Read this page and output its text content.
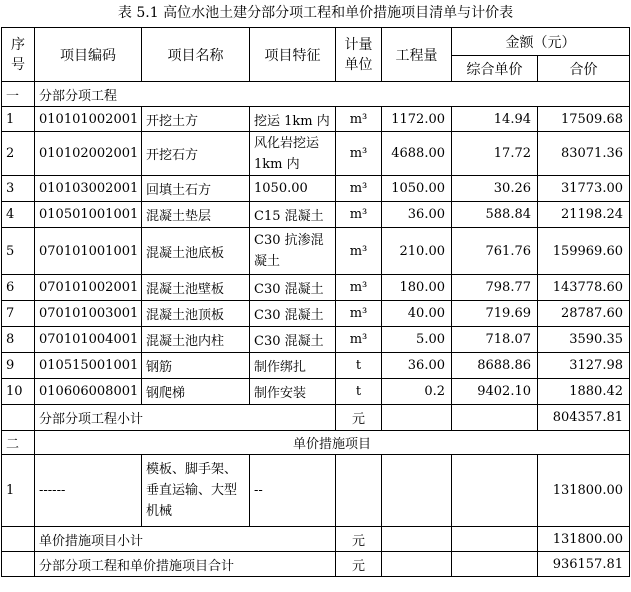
表 5.1 高位水池土建分部分项工程和单价措施项目清单与计价表
序号	项目编码	项目名称	项目特征	计量单位	工程量	金额（元）	
						综合单价	合价
一	分部分项工程						
1	010101002001	开挖土方	挖运 1km 内	m³	1172.00	14.94	17509.68
2	010102002001	开挖石方	风化岩挖运 1km 内	m³	4688.00	17.72	83071.36
3	010103002001	回填土石方	1050.00	m³	1050.00	30.26	31773.00
4	010501001001	混凝土垫层	C15 混凝土	m³	36.00	588.84	21198.24
5	070101001001	混凝土池底板	C30 抗渗混凝土	m³	210.00	761.76	159969.60
6	070101002001	混凝土池壁板	C30 混凝土	m³	180.00	798.77	143778.60
7	070101003001	混凝土池顶板	C30 混凝土	m³	40.00	719.69	28787.60
8	070101004001	混凝土池内柱	C30 混凝土	m³	5.00	718.07	3590.35
9	010515001001	钢筋	制作绑扎	t	36.00	8688.86	3127.98
10	010606008001	钢爬梯	制作安装	t	0.2	9402.10	1880.42
	分部分项工程小计			元			804357.81
二	单价措施项目						
1	------	模板、脚手架、垂直运输、大型机械	--				131800.00
	单价措施项目小计			元			131800.00
	分部分项工程和单价措施项目合计			元			936157.81
